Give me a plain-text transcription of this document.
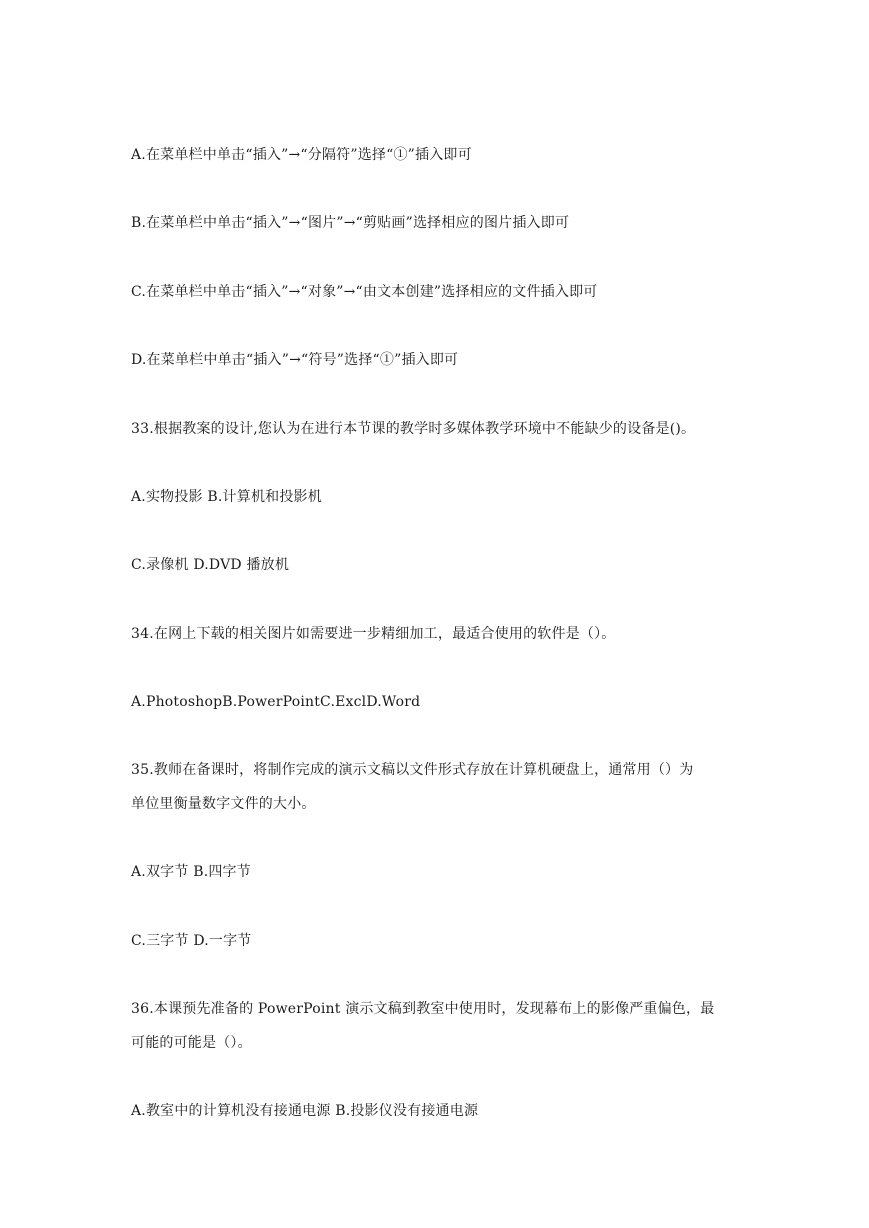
A.在菜单栏中单击“插入”→“分隔符”选择“①”插入即可
B.在菜单栏中单击“插入”→“图片”→“剪贴画”选择相应的图片插入即可
C.在菜单栏中单击“插入”→“对象”→“由文本创建”选择相应的文件插入即可
D.在菜单栏中单击“插入”→“符号”选择“①”插入即可
33.根据教案的设计,您认为在进行本节课的教学时多媒体教学环境中不能缺少的设备是()。
A.实物投影 B.计算机和投影机
C.录像机 D.DVD 播放机
34.在网上下载的相关图片如需要进一步精细加工，最适合使用的软件是（）。
A.PhotoshopB.PowerPointC.ExclD.Word
35.教师在备课时，将制作完成的演示文稿以文件形式存放在计算机硬盘上，通常用（）为
单位里衡量数字文件的大小。
A.双字节 B.四字节
C.三字节 D.一字节
36.本课预先准备的 PowerPoint 演示文稿到教室中使用时，发现幕布上的影像严重偏色，最
可能的可能是（）。
A.教室中的计算机没有接通电源 B.投影仪没有接通电源
